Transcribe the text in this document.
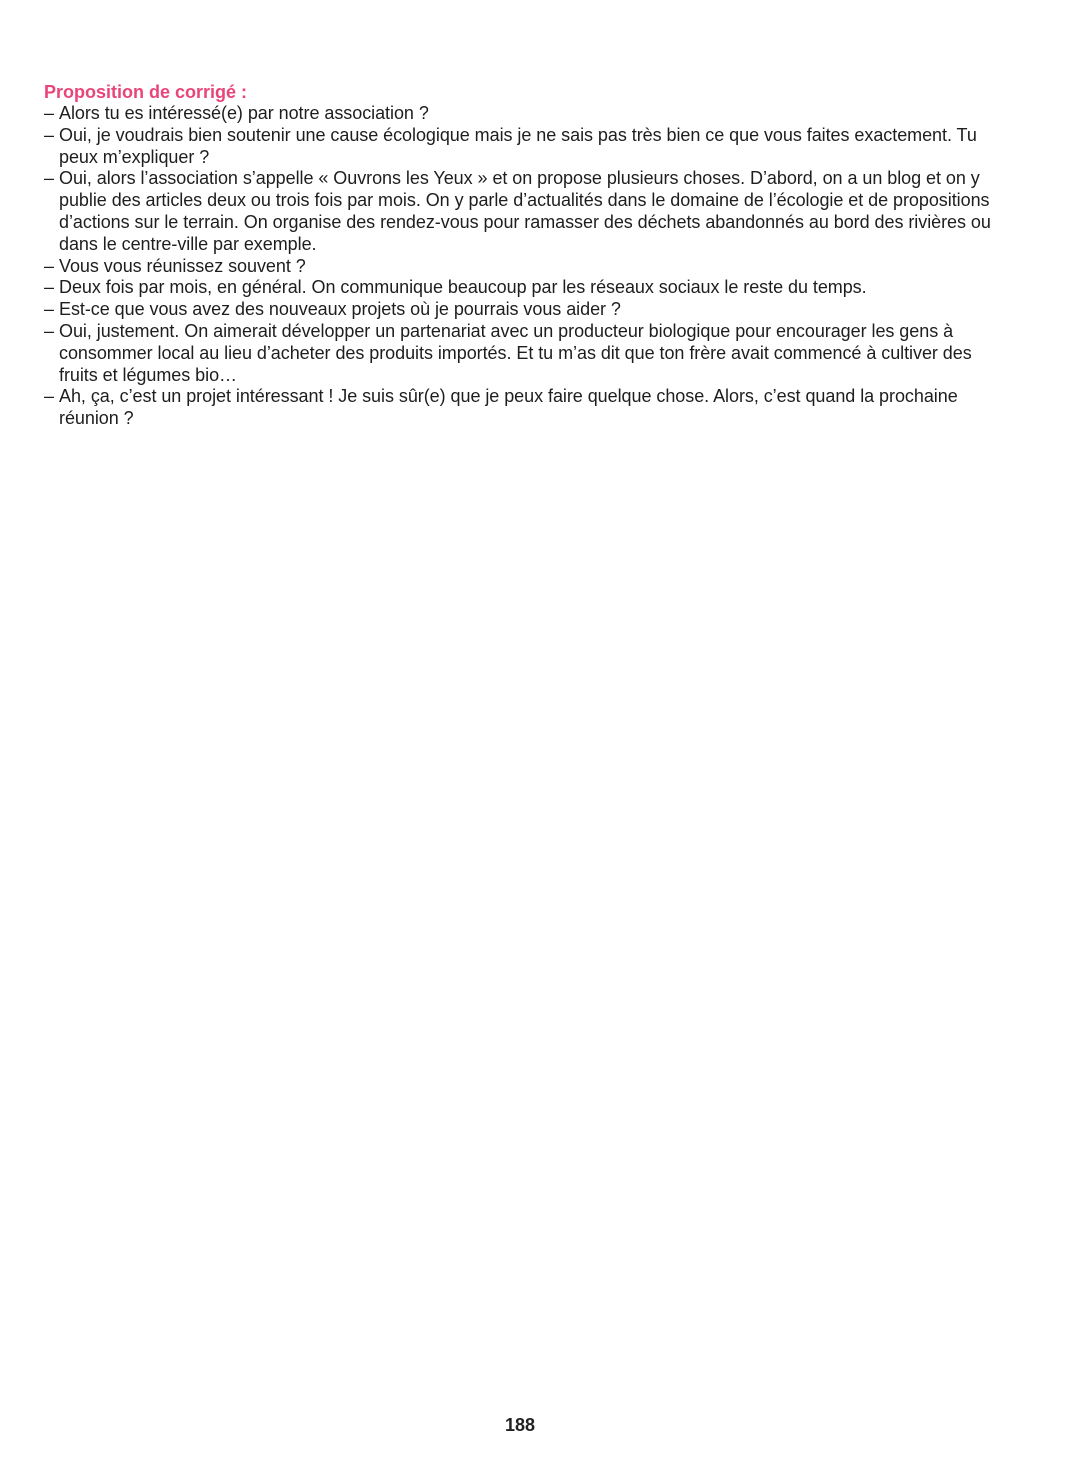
Proposition de corrigé :

– Alors tu es intéressé(e) par notre association ?
– Oui, je voudrais bien soutenir une cause écologique mais je ne sais pas très bien ce que vous faites exactement. Tu peux m’expliquer ?
– Oui, alors l’association s’appelle « Ouvrons les Yeux » et on propose plusieurs choses. D’abord, on a un blog et on y publie des articles deux ou trois fois par mois. On y parle d’actualités dans le domaine de l’écologie et de propositions d’actions sur le terrain. On organise des rendez-vous pour ramasser des déchets abandonnés au bord des rivières ou dans le centre-ville par exemple.
– Vous vous réunissez souvent ?
– Deux fois par mois, en général. On communique beaucoup par les réseaux sociaux le reste du temps.
– Est-ce que vous avez des nouveaux projets où je pourrais vous aider ?
– Oui, justement. On aimerait développer un partenariat avec un producteur biologique pour encourager les gens à consommer local au lieu d’acheter des produits importés. Et tu m’as dit que ton frère avait commencé à cultiver des fruits et légumes bio…
– Ah, ça, c’est un projet intéressant ! Je suis sûr(e) que je peux faire quelque chose. Alors, c’est quand la prochaine réunion ?
188
